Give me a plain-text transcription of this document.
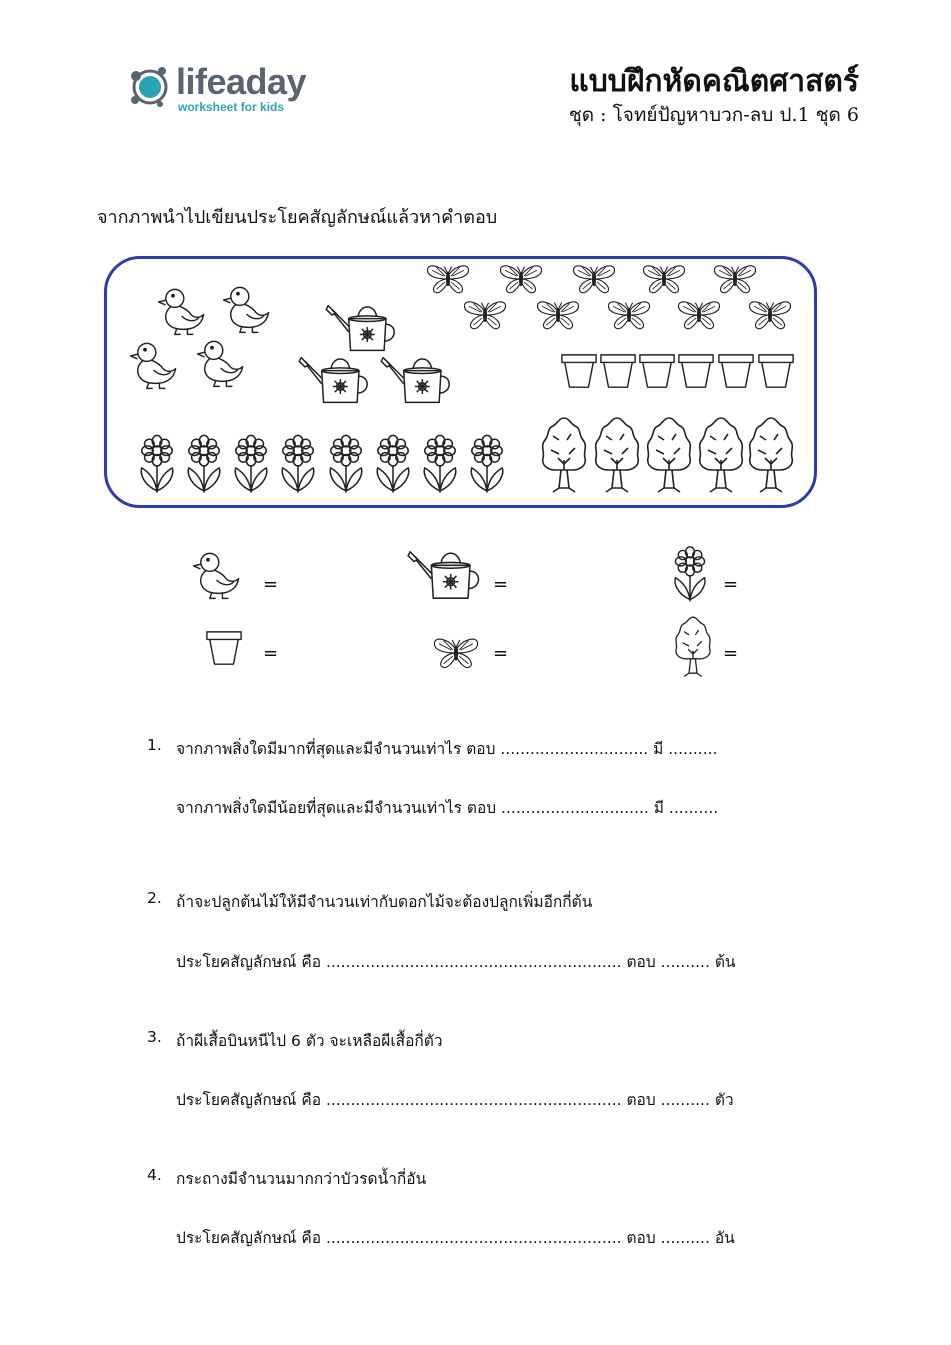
lifeaday
worksheet for kids
แบบฝึกหัดคณิตศาสตร์
ชุด : โจทย์ปัญหาบวก-ลบ ป.1 ชุด 6
จากภาพนำไปเขียนประโยคสัญลักษณ์แล้วหาคำตอบ
=	=	=
=	=	=
1. จากภาพสิ่งใดมีมากที่สุดและมีจำนวนเท่าไร ตอบ .............................. มี ..........
จากภาพสิ่งใดมีน้อยที่สุดและมีจำนวนเท่าไร ตอบ .............................. มี ..........
2. ถ้าจะปลูกต้นไม้ให้มีจำนวนเท่ากับดอกไม้จะต้องปลูกเพิ่มอีกกี่ต้น
ประโยคสัญลักษณ์ คือ ............................................................ ตอบ .......... ต้น
3. ถ้าผีเสื้อบินหนีไป 6 ตัว จะเหลือผีเสื้อกี่ตัว
ประโยคสัญลักษณ์ คือ ............................................................ ตอบ .......... ตัว
4. กระถางมีจำนวนมากกว่าบัวรดน้ำกี่อัน
ประโยคสัญลักษณ์ คือ ............................................................ ตอบ .......... อัน
